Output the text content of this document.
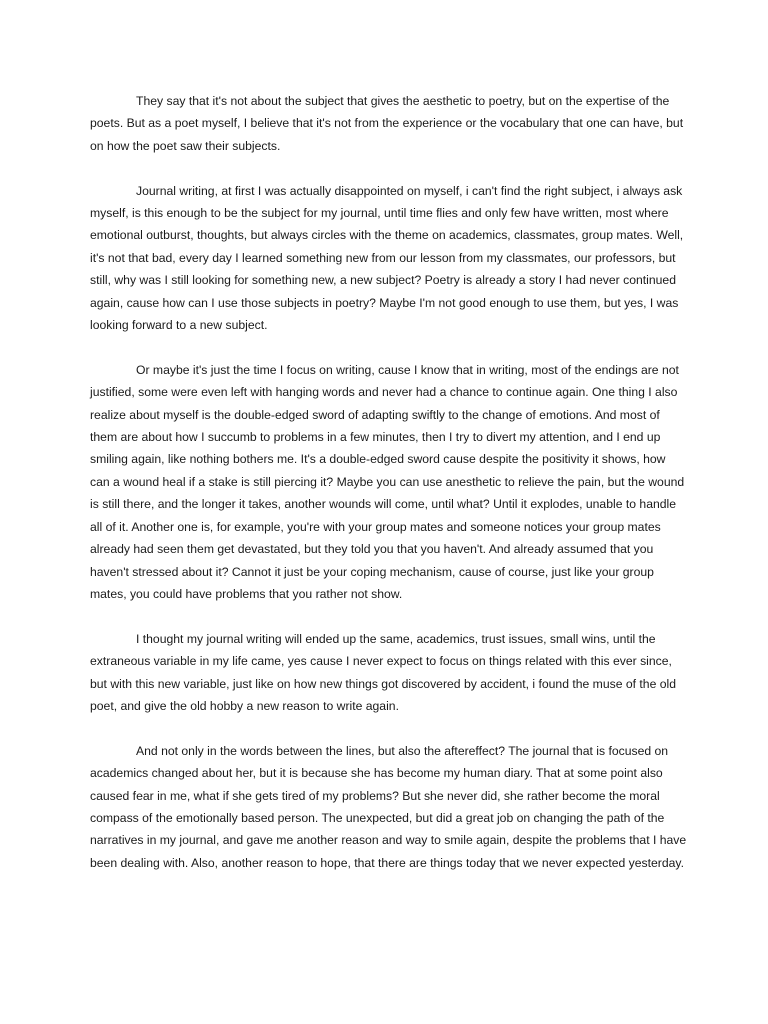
They say that it's not about the subject that gives the aesthetic to poetry, but on the expertise of the poets. But as a poet myself, I believe that it's not from the experience or the vocabulary that one can have, but on how the poet saw their subjects.

Journal writing, at first I was actually disappointed on myself, i can't find the right subject, i always ask myself, is this enough to be the subject for my journal, until time flies and only few have written, most where emotional outburst, thoughts, but always circles with the theme on academics, classmates, group mates. Well, it's not that bad, every day I learned something new from our lesson from my classmates, our professors, but still, why was I still looking for something new, a new subject? Poetry is already a story I had never continued again, cause how can I use those subjects in poetry? Maybe I'm not good enough to use them, but yes, I was looking forward to a new subject.

Or maybe it's just the time I focus on writing, cause I know that in writing, most of the endings are not justified, some were even left with hanging words and never had a chance to continue again. One thing I also realize about myself is the double-edged sword of adapting swiftly to the change of emotions. And most of them are about how I succumb to problems in a few minutes, then I try to divert my attention, and I end up smiling again, like nothing bothers me. It's a double-edged sword cause despite the positivity it shows, how can a wound heal if a stake is still piercing it? Maybe you can use anesthetic to relieve the pain, but the wound is still there, and the longer it takes, another wounds will come, until what? Until it explodes, unable to handle all of it. Another one is, for example, you're with your group mates and someone notices your group mates already had seen them get devastated, but they told you that you haven't. And already assumed that you haven't stressed about it? Cannot it just be your coping mechanism, cause of course, just like your group mates, you could have problems that you rather not show.

I thought my journal writing will ended up the same, academics, trust issues, small wins, until the extraneous variable in my life came, yes cause I never expect to focus on things related with this ever since, but with this new variable, just like on how new things got discovered by accident, i found the muse of the old poet, and give the old hobby a new reason to write again.

And not only in the words between the lines, but also the aftereffect? The journal that is focused on academics changed about her, but it is because she has become my human diary. That at some point also caused fear in me, what if she gets tired of my problems? But she never did, she rather become the moral compass of the emotionally based person. The unexpected, but did a great job on changing the path of the narratives in my journal, and gave me another reason and way to smile again, despite the problems that I have been dealing with. Also, another reason to hope, that there are things today that we never expected yesterday.
